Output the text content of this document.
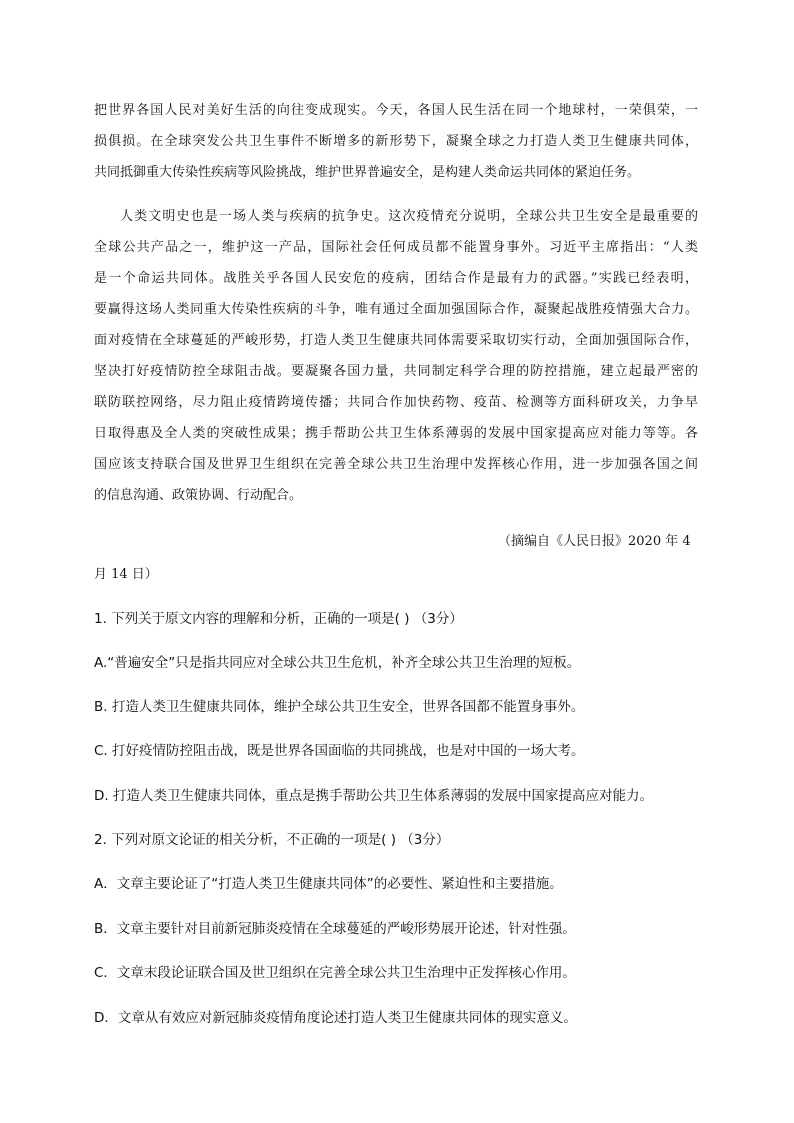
把世界各国人民对美好生活的向往变成现实。今天，各国人民生活在同一个地球村，一荣俱荣，一
损俱损。在全球突发公共卫生事件不断增多的新形势下，凝聚全球之力打造人类卫生健康共同体，
共同抵御重大传染性疾病等风险挑战，维护世界普遍安全，是构建人类命运共同体的紧迫任务。
人类文明史也是一场人类与疾病的抗争史。这次疫情充分说明，全球公共卫生安全是最重要的
全球公共产品之一，维护这一产品，国际社会任何成员都不能置身事外。习近平主席指出：“人类
是一个命运共同体。战胜关乎各国人民安危的疫病，团结合作是最有力的武器。”实践已经表明，
要赢得这场人类同重大传染性疾病的斗争，唯有通过全面加强国际合作，凝聚起战胜疫情强大合力。
面对疫情在全球蔓延的严峻形势，打造人类卫生健康共同体需要采取切实行动，全面加强国际合作，
坚决打好疫情防控全球阻击战。要凝聚各国力量，共同制定科学合理的防控措施，建立起最严密的
联防联控网络，尽力阻止疫情跨境传播；共同合作加快药物、疫苗、检测等方面科研攻关，力争早
日取得惠及全人类的突破性成果；携手帮助公共卫生体系薄弱的发展中国家提高应对能力等等。各
国应该支持联合国及世界卫生组织在完善全球公共卫生治理中发挥核心作用，进一步加强各国之间
的信息沟通、政策协调、行动配合。
（摘编自《人民日报》2020 年 4
月 14 日）
1. 下列关于原文内容的理解和分析，正确的一项是( ) （3分）
A.“普遍安全”只是指共同应对全球公共卫生危机，补齐全球公共卫生治理的短板。
B. 打造人类卫生健康共同体，维护全球公共卫生安全，世界各国都不能置身事外。
C. 打好疫情防控阻击战，既是世界各国面临的共同挑战，也是对中国的一场大考。
D. 打造人类卫生健康共同体，重点是携手帮助公共卫生体系薄弱的发展中国家提高应对能力。
2. 下列对原文论证的相关分析，不正确的一项是( ) （3分）
A．文章主要论证了“打造人类卫生健康共同体”的必要性、紧迫性和主要措施。
B．文章主要针对目前新冠肺炎疫情在全球蔓延的严峻形势展开论述，针对性强。
C．文章末段论证联合国及世卫组织在完善全球公共卫生治理中正发挥核心作用。
D．文章从有效应对新冠肺炎疫情角度论述打造人类卫生健康共同体的现实意义。
